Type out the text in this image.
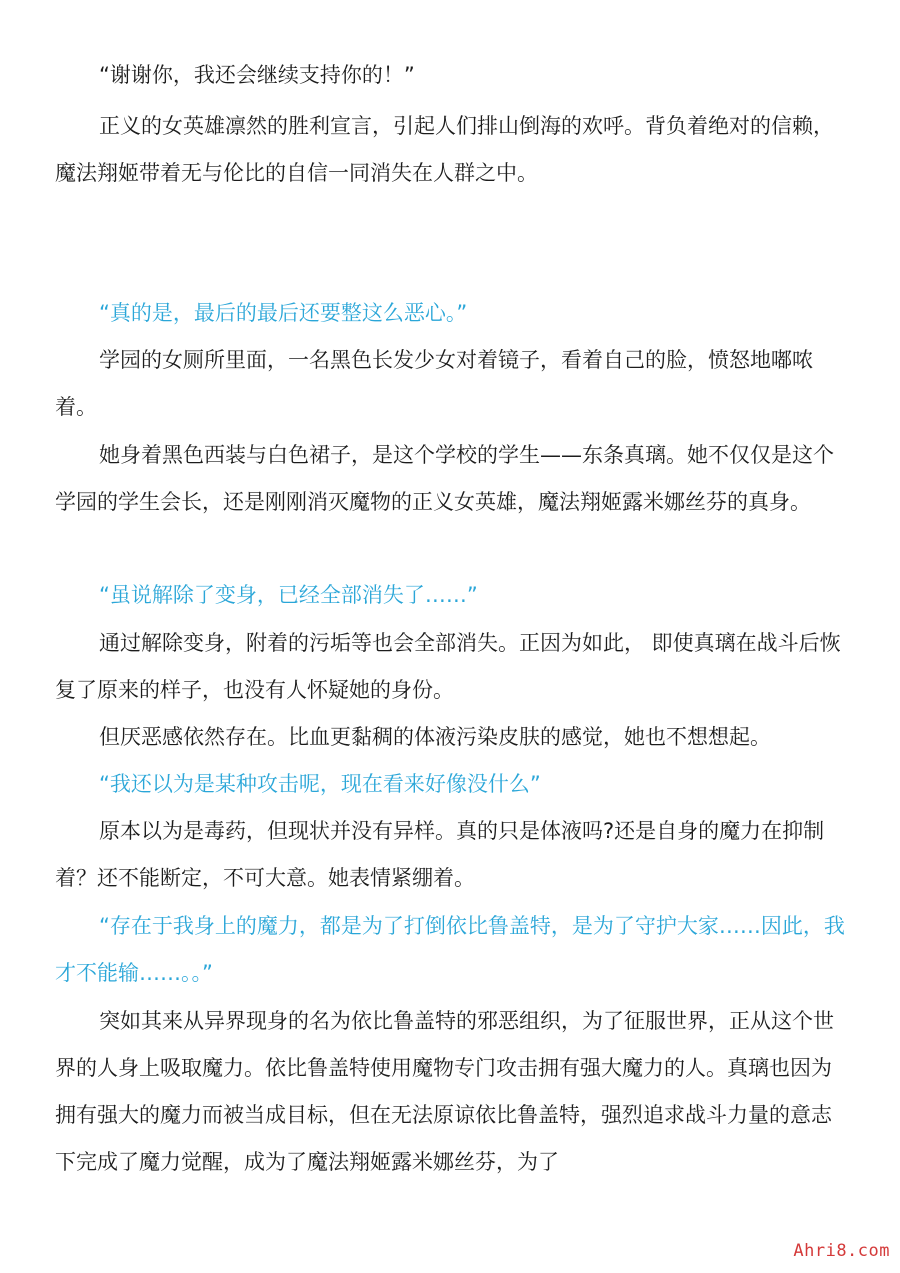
“谢谢你，我还会继续支持你的！”

正义的女英雄凛然的胜利宣言，引起人们排山倒海的欢呼。背负着绝对的信赖，魔法翔姬带着无与伦比的自信一同消失在人群之中。

“真的是，最后的最后还要整这么恶心。”

学园的女厕所里面，一名黑色长发少女对着镜子，看着自己的脸，愤怒地嘟哝着。

她身着黑色西装与白色裙子，是这个学校的学生——东条真璃。她不仅仅是这个学园的学生会长，还是刚刚消灭魔物的正义女英雄，魔法翔姬露米娜丝芬的真身。

“虽说解除了变身，已经全部消失了……”

通过解除变身，附着的污垢等也会全部消失。正因为如此， 即使真璃在战斗后恢复了原来的样子，也没有人怀疑她的身份。

但厌恶感依然存在。比血更黏稠的体液污染皮肤的感觉，她也不想想起。

“我还以为是某种攻击呢，现在看来好像没什么”

原本以为是毒药，但现状并没有异样。真的只是体液吗?还是自身的魔力在抑制着？还不能断定，不可大意。她表情紧绷着。

“存在于我身上的魔力，都是为了打倒依比鲁盖特，是为了守护大家……因此，我才不能输……。。”

突如其来从异界现身的名为依比鲁盖特的邪恶组织，为了征服世界，正从这个世界的人身上吸取魔力。依比鲁盖特使用魔物专门攻击拥有强大魔力的人。真璃也因为拥有强大的魔力而被当成目标，但在无法原谅依比鲁盖特，强烈追求战斗力量的意志下完成了魔力觉醒，成为了魔法翔姬露米娜丝芬，为了

Ahri8.com
